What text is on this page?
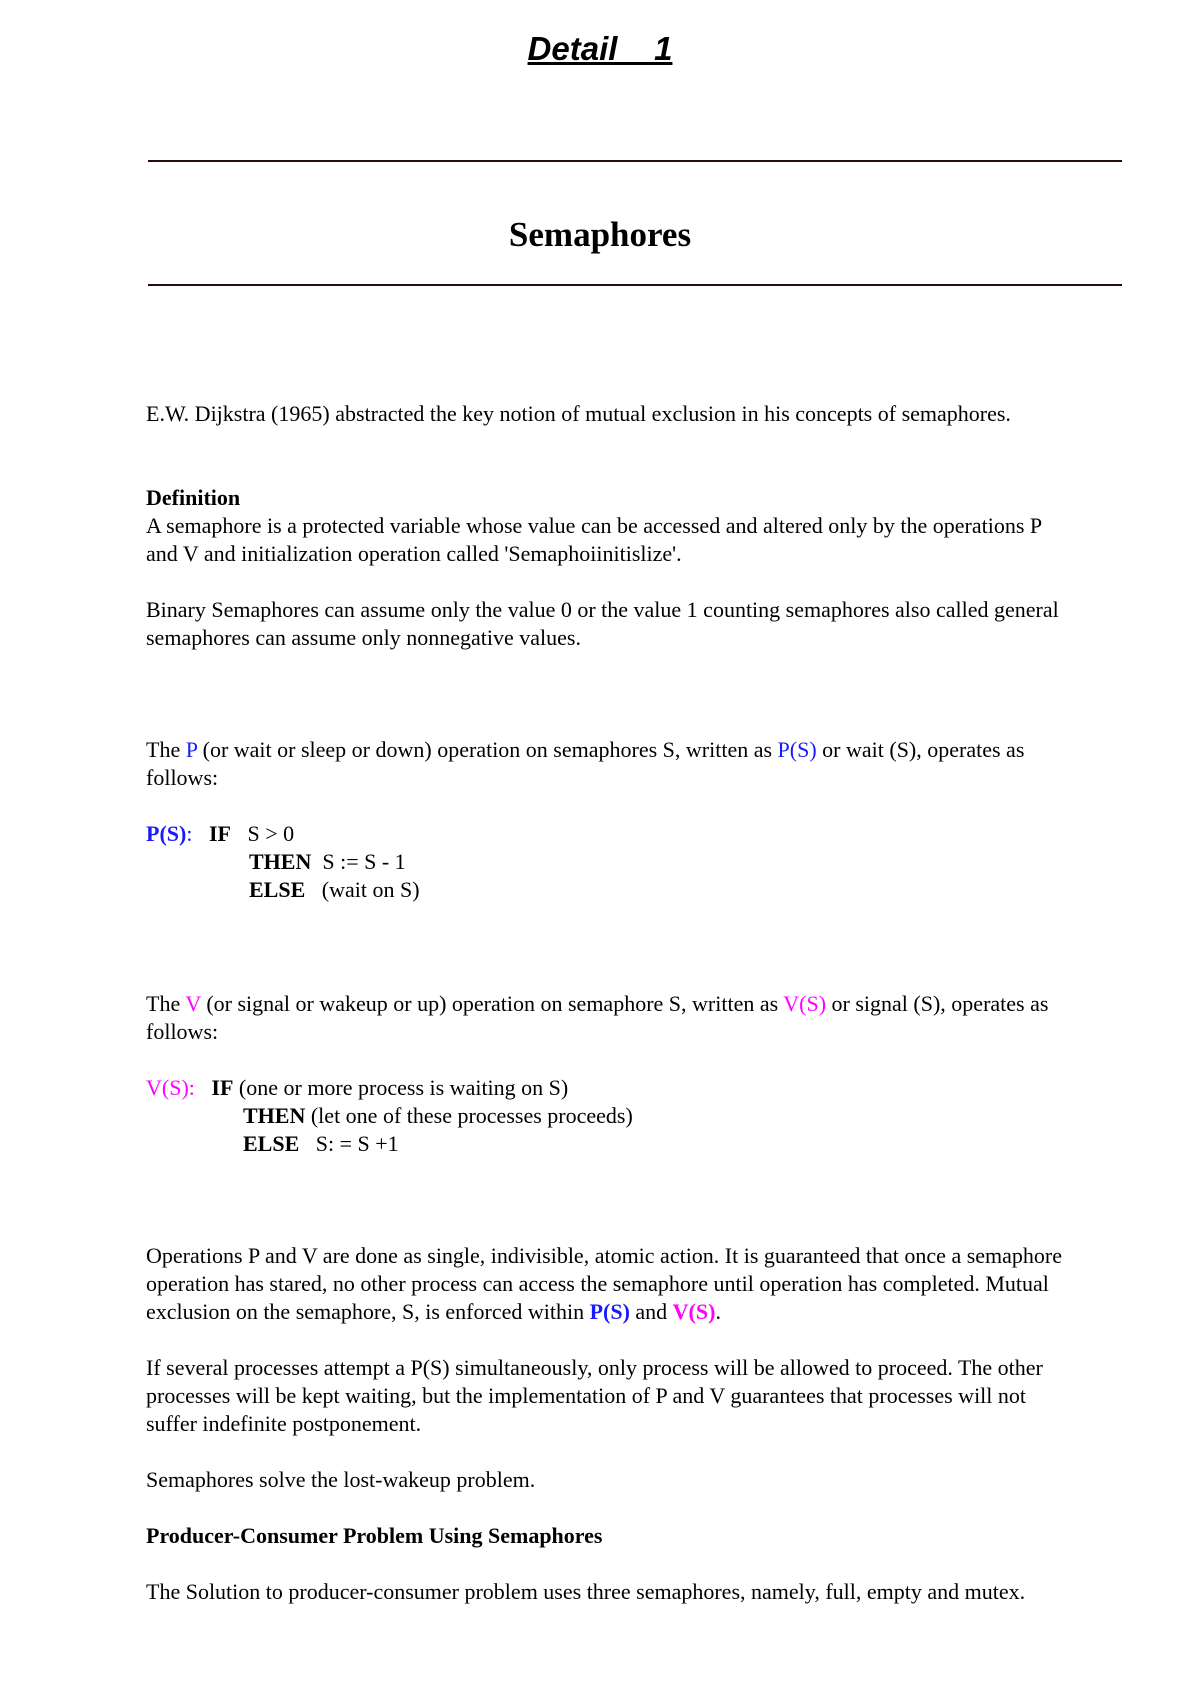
Detail    1
Semaphores

E.W. Dijkstra (1965) abstracted the key notion of mutual exclusion in his concepts of semaphores.

Definition

A semaphore is a protected variable whose value can be accessed and altered only by the operations P and V and initialization operation called 'Semaphoiinitislize'.

Binary Semaphores can assume only the value 0 or the value 1 counting semaphores also called general semaphores can assume only nonnegative values.

The P (or wait or sleep or down) operation on semaphores S, written as P(S) or wait (S), operates as follows:

P(S): IF S > 0
THEN S := S - 1
ELSE (wait on S)

The V (or signal or wakeup or up) operation on semaphore S, written as V(S) or signal (S), operates as follows:

V(S): IF (one or more process is waiting on S)
THEN (let one of these processes proceeds)
ELSE S: = S +1

Operations P and V are done as single, indivisible, atomic action. It is guaranteed that once a semaphore operation has stared, no other process can access the semaphore until operation has completed. Mutual exclusion on the semaphore, S, is enforced within P(S) and V(S).

If several processes attempt a P(S) simultaneously, only process will be allowed to proceed. The other processes will be kept waiting, but the implementation of P and V guarantees that processes will not suffer indefinite postponement.

Semaphores solve the lost-wakeup problem.

Producer-Consumer Problem Using Semaphores

The Solution to producer-consumer problem uses three semaphores, namely, full, empty and mutex.
